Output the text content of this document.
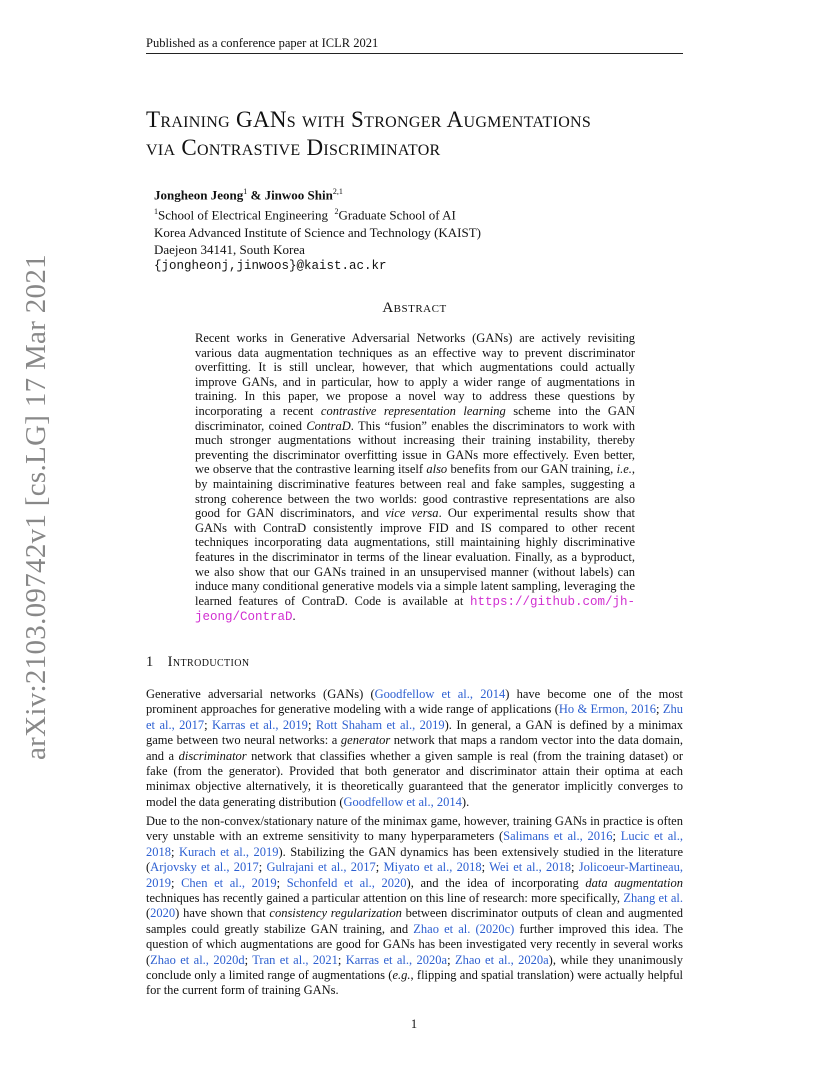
Published as a conference paper at ICLR 2021
Training GANs with Stronger Augmentations
via Contrastive Discriminator
Jongheon Jeong$^1$ & Jinwoo Shin$^{2,1}$
$^1$School of Electrical Engineering $^2$Graduate School of AI
Korea Advanced Institute of Science and Technology (KAIST)
Daejeon 34141, South Korea
{jongheonj,jinwoos}@kaist.ac.kr
arXiv:2103.09742v1 [cs.LG] 17 Mar 2021	Abstract
Recent works in Generative Adversarial Networks (GANs) are actively revisiting various data augmentation techniques as an effective way to prevent discriminator overfitting. It is still unclear, however, that which augmentations could actually improve GANs, and in particular, how to apply a wider range of augmentations in training. In this paper, we propose a novel way to address these questions by incorporating a recent contrastive representation learning scheme into the GAN discriminator, coined ContraD. This “fusion” enables the discriminators to work with much stronger augmentations without increasing their training instability, thereby preventing the discriminator overfitting issue in GANs more effectively. Even better, we observe that the contrastive learning itself also benefits from our GAN training, i.e., by maintaining discriminative features between real and fake samples, suggesting a strong coherence between the two worlds: good contrastive representations are also good for GAN discriminators, and vice versa. Our experimental results show that GANs with ContraD consistently improve FID and IS compared to other recent techniques incorporating data augmentations, still maintaining highly discriminative features in the discriminator in terms of the linear evaluation. Finally, as a byproduct, we also show that our GANs trained in an unsupervised manner (without labels) can induce many conditional generative models via a simple latent sampling, leveraging the learned features of ContraD. Code is available at https://github.com/jh-jeong/ContraD.
1 Introduction
Generative adversarial networks (GANs) (Goodfellow et al., 2014) have become one of the most prominent approaches for generative modeling with a wide range of applications (Ho & Ermon, 2016; Zhu et al., 2017; Karras et al., 2019; Rott Shaham et al., 2019). In general, a GAN is defined by a minimax game between two neural networks: a generator network that maps a random vector into the data domain, and a discriminator network that classifies whether a given sample is real (from the training dataset) or fake (from the generator). Provided that both generator and discriminator attain their optima at each minimax objective alternatively, it is theoretically guaranteed that the generator implicitly converges to model the data generating distribution (Goodfellow et al., 2014).
Due to the non-convex/stationary nature of the minimax game, however, training GANs in practice is often very unstable with an extreme sensitivity to many hyperparameters (Salimans et al., 2016; Lucic et al., 2018; Kurach et al., 2019). Stabilizing the GAN dynamics has been extensively studied in the literature (Arjovsky et al., 2017; Gulrajani et al., 2017; Miyato et al., 2018; Wei et al., 2018; Jolicoeur-Martineau, 2019; Chen et al., 2019; Schonfeld et al., 2020), and the idea of incorporating data augmentation techniques has recently gained a particular attention on this line of research: more specifically, Zhang et al. (2020) have shown that consistency regularization between discriminator outputs of clean and augmented samples could greatly stabilize GAN training, and Zhao et al. (2020c) further improved this idea. The question of which augmentations are good for GANs has been investigated very recently in several works (Zhao et al., 2020d; Tran et al., 2021; Karras et al., 2020a; Zhao et al., 2020a), while they unanimously conclude only a limited range of augmentations (e.g., flipping and spatial translation) were actually helpful for the current form of training GANs.
1
